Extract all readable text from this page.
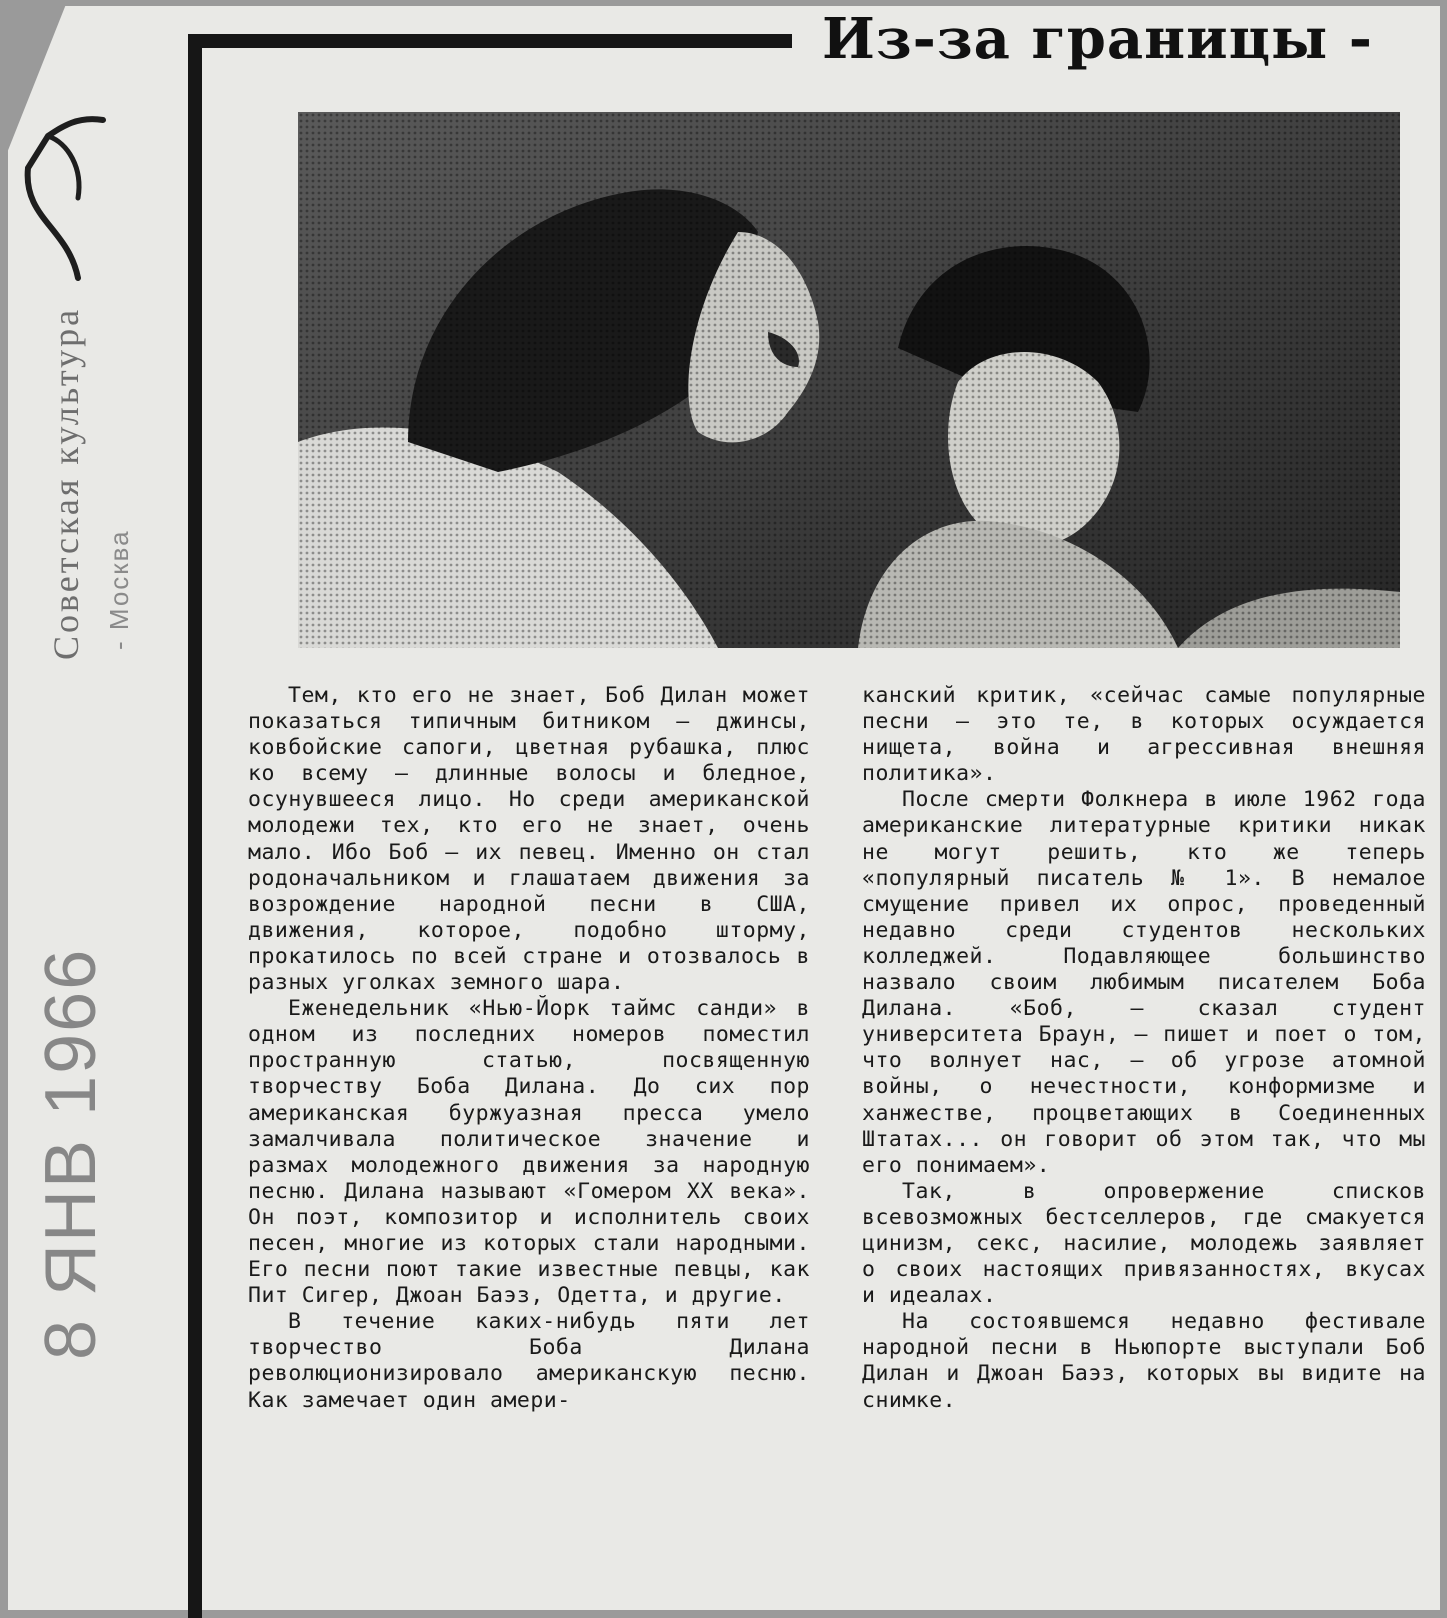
Советская культура - Москва
8 ЯНВ 1966
Из-за границы -

Тем, кто его не знает, Боб Дилан может показаться типичным битником — джинсы, ковбойские сапоги, цветная рубашка, плюс ко всему — длинные волосы и бледное, осунувшееся лицо. Но среди американской молодежи тех, кто его не знает, очень мало. Ибо Боб — их певец. Именно он стал родоначальником и глашатаем движения за возрождение народной песни в США, движения, которое, подобно шторму, прокатилось по всей стране и отозвалось в разных уголках земного шара.

Еженедельник «Нью-Йорк таймс санди» в одном из последних номеров поместил пространную статью, посвященную творчеству Боба Дилана. До сих пор американская буржуазная пресса умело замалчивала политическое значение и размах молодежного движения за народную песню. Дилана называют «Гомером XX века». Он поэт, композитор и исполнитель своих песен, многие из которых стали народными. Его песни поют такие известные певцы, как Пит Сигер, Джоан Баэз, Одетта, и другие.

В течение каких-нибудь пяти лет творчество Боба Дилана революционизировало американскую песню. Как замечает один амери-

канский критик, «сейчас самые популярные песни — это те, в которых осуждается нищета, война и агрессивная внешняя политика».

После смерти Фолкнера в июле 1962 года американские литературные критики никак не могут решить, кто же теперь «популярный писатель № 1». В немалое смущение привел их опрос, проведенный недавно среди студентов нескольких колледжей. Подавляющее большинство назвало своим любимым писателем Боба Дилана. «Боб, — сказал студент университета Браун, — пишет и поет о том, что волнует нас, — об угрозе атомной войны, о нечестности, конформизме и ханжестве, процветающих в Соединенных Штатах... он говорит об этом так, что мы его понимаем».

Так, в опровержение списков всевозможных бестселлеров, где смакуется цинизм, секс, насилие, молодежь заявляет о своих настоящих привязанностях, вкусах и идеалах.

На состоявшемся недавно фестивале народной песни в Ньюпорте выступали Боб Дилан и Джоан Баэз, которых вы видите на снимке.
